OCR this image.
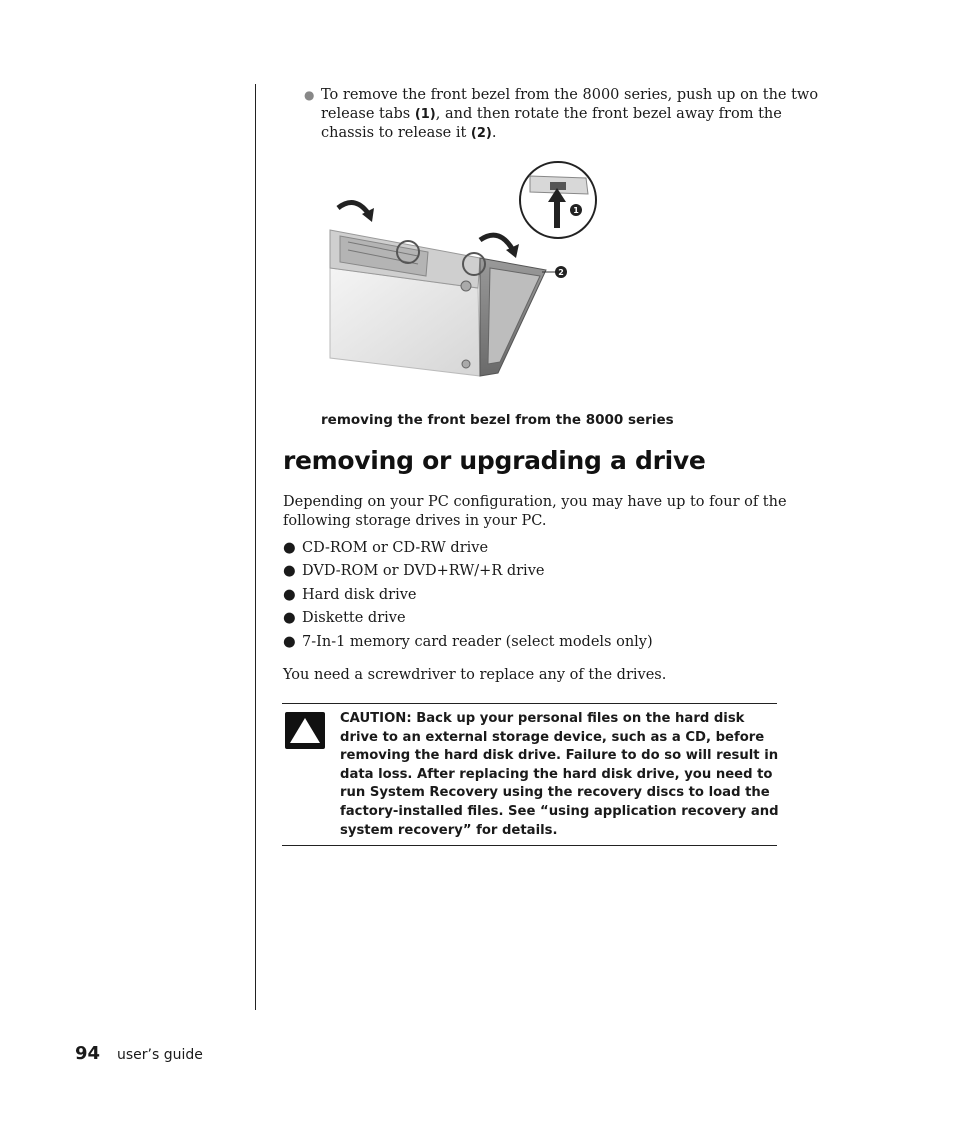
● To remove the front bezel from the 8000 series, push up on the two release tabs (1), and then rotate the front bezel away from the chassis to release it (2).
2
1
removing the front bezel from the 8000 series
removing or upgrading a drive

Depending on your PC configuration, you may have up to four of the following storage drives in your PC.

● CD-ROM or CD-RW drive
● DVD-ROM or DVD+RW/+R drive
● Hard disk drive
● Diskette drive
● 7-In-1 memory card reader (select models only)

You need a screwdriver to replace any of the drives.

CAUTION: Back up your personal files on the hard disk drive to an external storage device, such as a CD, before removing the hard disk drive. Failure to do so will result in data loss. After replacing the hard disk drive, you need to run System Recovery using the recovery discs to load the factory-installed files. See “using application recovery and system recovery” for details.

94 user’s guide
